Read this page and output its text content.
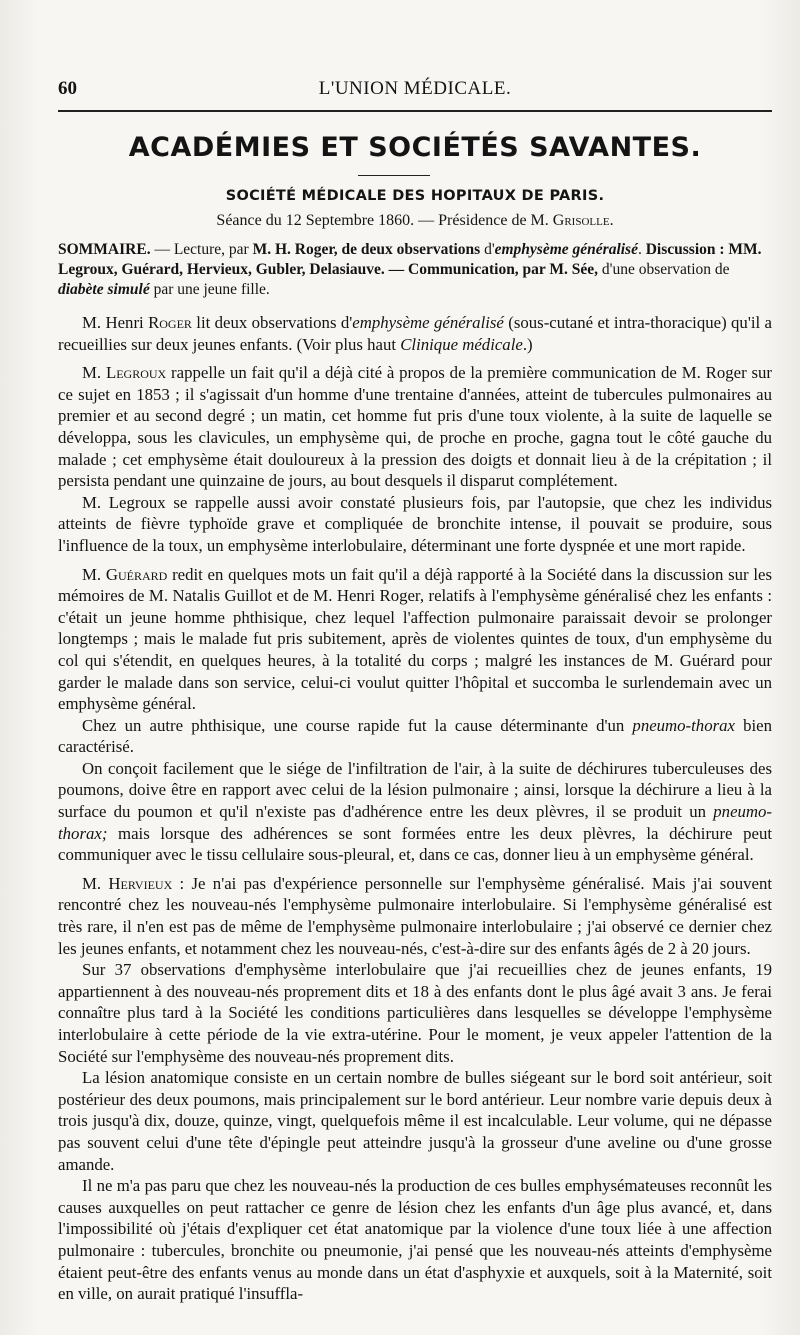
60	L'UNION MÉDICALE.
ACADÉMIES ET SOCIÉTÉS SAVANTES.
SOCIÉTÉ MÉDICALE DES HOPITAUX DE PARIS.
Séance du 12 Septembre 1860. — Présidence de M. Grisolle.
SOMMAIRE. — Lecture, par M. H. Roger, de deux observations d'emphysème généralisé. Discussion : MM. Legroux, Guérard, Hervieux, Gubler, Delasiauve. — Communication, par M. Sée, d'une observation de diabète simulé par une jeune fille.

M. Henri Roger lit deux observations d'emphysème généralisé (sous-cutané et intra-thoracique) qu'il a recueillies sur deux jeunes enfants. (Voir plus haut Clinique médicale.)

M. Legroux rappelle un fait qu'il a déjà cité à propos de la première communication de M. Roger sur ce sujet en 1853 ; il s'agissait d'un homme d'une trentaine d'années, atteint de tubercules pulmonaires au premier et au second degré ; un matin, cet homme fut pris d'une toux violente, à la suite de laquelle se développa, sous les clavicules, un emphysème qui, de proche en proche, gagna tout le côté gauche du malade ; cet emphysème était douloureux à la pression des doigts et donnait lieu à de la crépitation ; il persista pendant une quinzaine de jours, au bout desquels il disparut complétement.

M. Legroux se rappelle aussi avoir constaté plusieurs fois, par l'autopsie, que chez les individus atteints de fièvre typhoïde grave et compliquée de bronchite intense, il pouvait se produire, sous l'influence de la toux, un emphysème interlobulaire, déterminant une forte dyspnée et une mort rapide.

M. Guérard redit en quelques mots un fait qu'il a déjà rapporté à la Société dans la discussion sur les mémoires de M. Natalis Guillot et de M. Henri Roger, relatifs à l'emphysème généralisé chez les enfants : c'était un jeune homme phthisique, chez lequel l'affection pulmonaire paraissait devoir se prolonger longtemps ; mais le malade fut pris subitement, après de violentes quintes de toux, d'un emphysème du col qui s'étendit, en quelques heures, à la totalité du corps ; malgré les instances de M. Guérard pour garder le malade dans son service, celui-ci voulut quitter l'hôpital et succomba le surlendemain avec un emphysème général.

Chez un autre phthisique, une course rapide fut la cause déterminante d'un pneumo-thorax bien caractérisé.

On conçoit facilement que le siége de l'infiltration de l'air, à la suite de déchirures tuberculeuses des poumons, doive être en rapport avec celui de la lésion pulmonaire ; ainsi, lorsque la déchirure a lieu à la surface du poumon et qu'il n'existe pas d'adhérence entre les deux plèvres, il se produit un pneumo-thorax; mais lorsque des adhérences se sont formées entre les deux plèvres, la déchirure peut communiquer avec le tissu cellulaire sous-pleural, et, dans ce cas, donner lieu à un emphysème général.

M. Hervieux : Je n'ai pas d'expérience personnelle sur l'emphysème généralisé. Mais j'ai souvent rencontré chez les nouveau-nés l'emphysème pulmonaire interlobulaire. Si l'emphysème généralisé est très rare, il n'en est pas de même de l'emphysème pulmonaire interlobulaire ; j'ai observé ce dernier chez les jeunes enfants, et notamment chez les nouveau-nés, c'est-à-dire sur des enfants âgés de 2 à 20 jours.

Sur 37 observations d'emphysème interlobulaire que j'ai recueillies chez de jeunes enfants, 19 appartiennent à des nouveau-nés proprement dits et 18 à des enfants dont le plus âgé avait 3 ans. Je ferai connaître plus tard à la Société les conditions particulières dans lesquelles se développe l'emphysème interlobulaire à cette période de la vie extra-utérine. Pour le moment, je veux appeler l'attention de la Société sur l'emphysème des nouveau-nés proprement dits.

La lésion anatomique consiste en un certain nombre de bulles siégeant sur le bord soit antérieur, soit postérieur des deux poumons, mais principalement sur le bord antérieur. Leur nombre varie depuis deux à trois jusqu'à dix, douze, quinze, vingt, quelquefois même il est incalculable. Leur volume, qui ne dépasse pas souvent celui d'une tête d'épingle peut atteindre jusqu'à la grosseur d'une aveline ou d'une grosse amande.

Il ne m'a pas paru que chez les nouveau-nés la production de ces bulles emphysémateuses reconnût les causes auxquelles on peut rattacher ce genre de lésion chez les enfants d'un âge plus avancé, et, dans l'impossibilité où j'étais d'expliquer cet état anatomique par la violence d'une toux liée à une affection pulmonaire : tubercules, bronchite ou pneumonie, j'ai pensé que les nouveau-nés atteints d'emphysème étaient peut-être des enfants venus au monde dans un état d'asphyxie et auxquels, soit à la Maternité, soit en ville, on aurait pratiqué l'insuffla-
